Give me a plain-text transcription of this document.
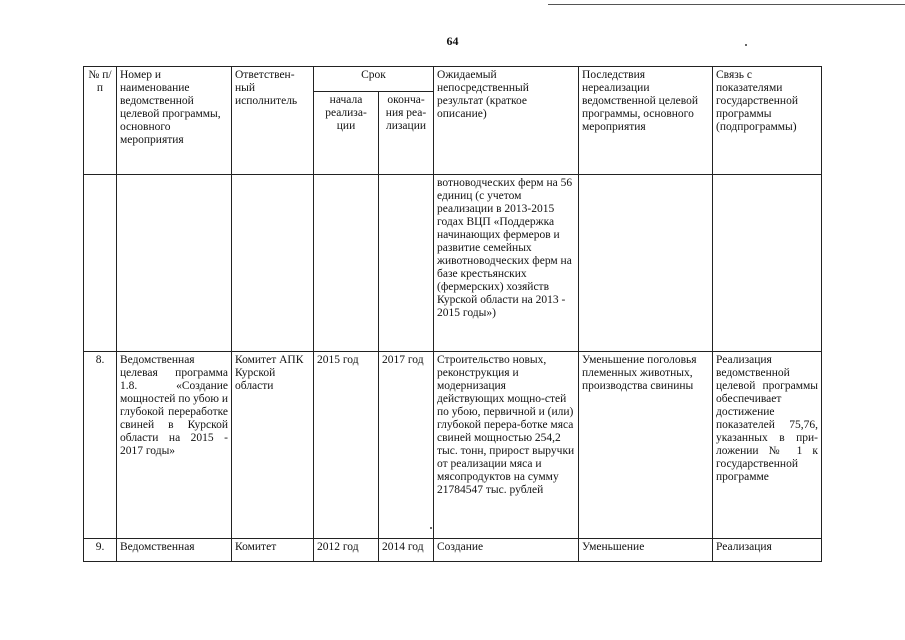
64
№ п/п	Номер и наименование ведомственной целевой программы, основного мероприятия	Ответствен-ный исполнитель	Срок		Ожидаемый непосредственный результат (краткое описание)	Последствия нереализации ведомственной целевой программы, основного мероприятия	Связь с показателями государственной программы (подпрограммы)
			начала реализа-ции	оконча-ния реа-лизации			
					вотноводческих ферм на 56 единиц (с учетом реализации в 2013-2015 годах ВЦП «Поддержка начинающих фермеров и развитие семейных животноводческих ферм на базе крестьянских (фермерских) хозяйств Курской области на 2013 - 2015 годы»)		
8.	Ведомственная целевая программа 1.8. «Создание мощностей по убою и глубокой переработке свиней в Курской области на 2015 - 2017 годы»	Комитет АПК Курской области	2015 год	2017 год	Строительство новых, реконструкция и модернизация действующих мощно-стей по убою, первичной и (или) глубокой перера-ботке мяса свиней мощностью 254,2 тыс. тонн, прирост выручки от реализации мяса и мясопродуктов на сумму 21784547 тыс. рублей	Уменьшение поголовья племенных животных, производства свинины	Реализация ведомственной целевой программы обеспечивает достижение показателей 75,76, указанных в при-ложении № 1 к государственной программе
9.	Ведомственная	Комитет	2012 год	2014 год	Создание	Уменьшение	Реализация
